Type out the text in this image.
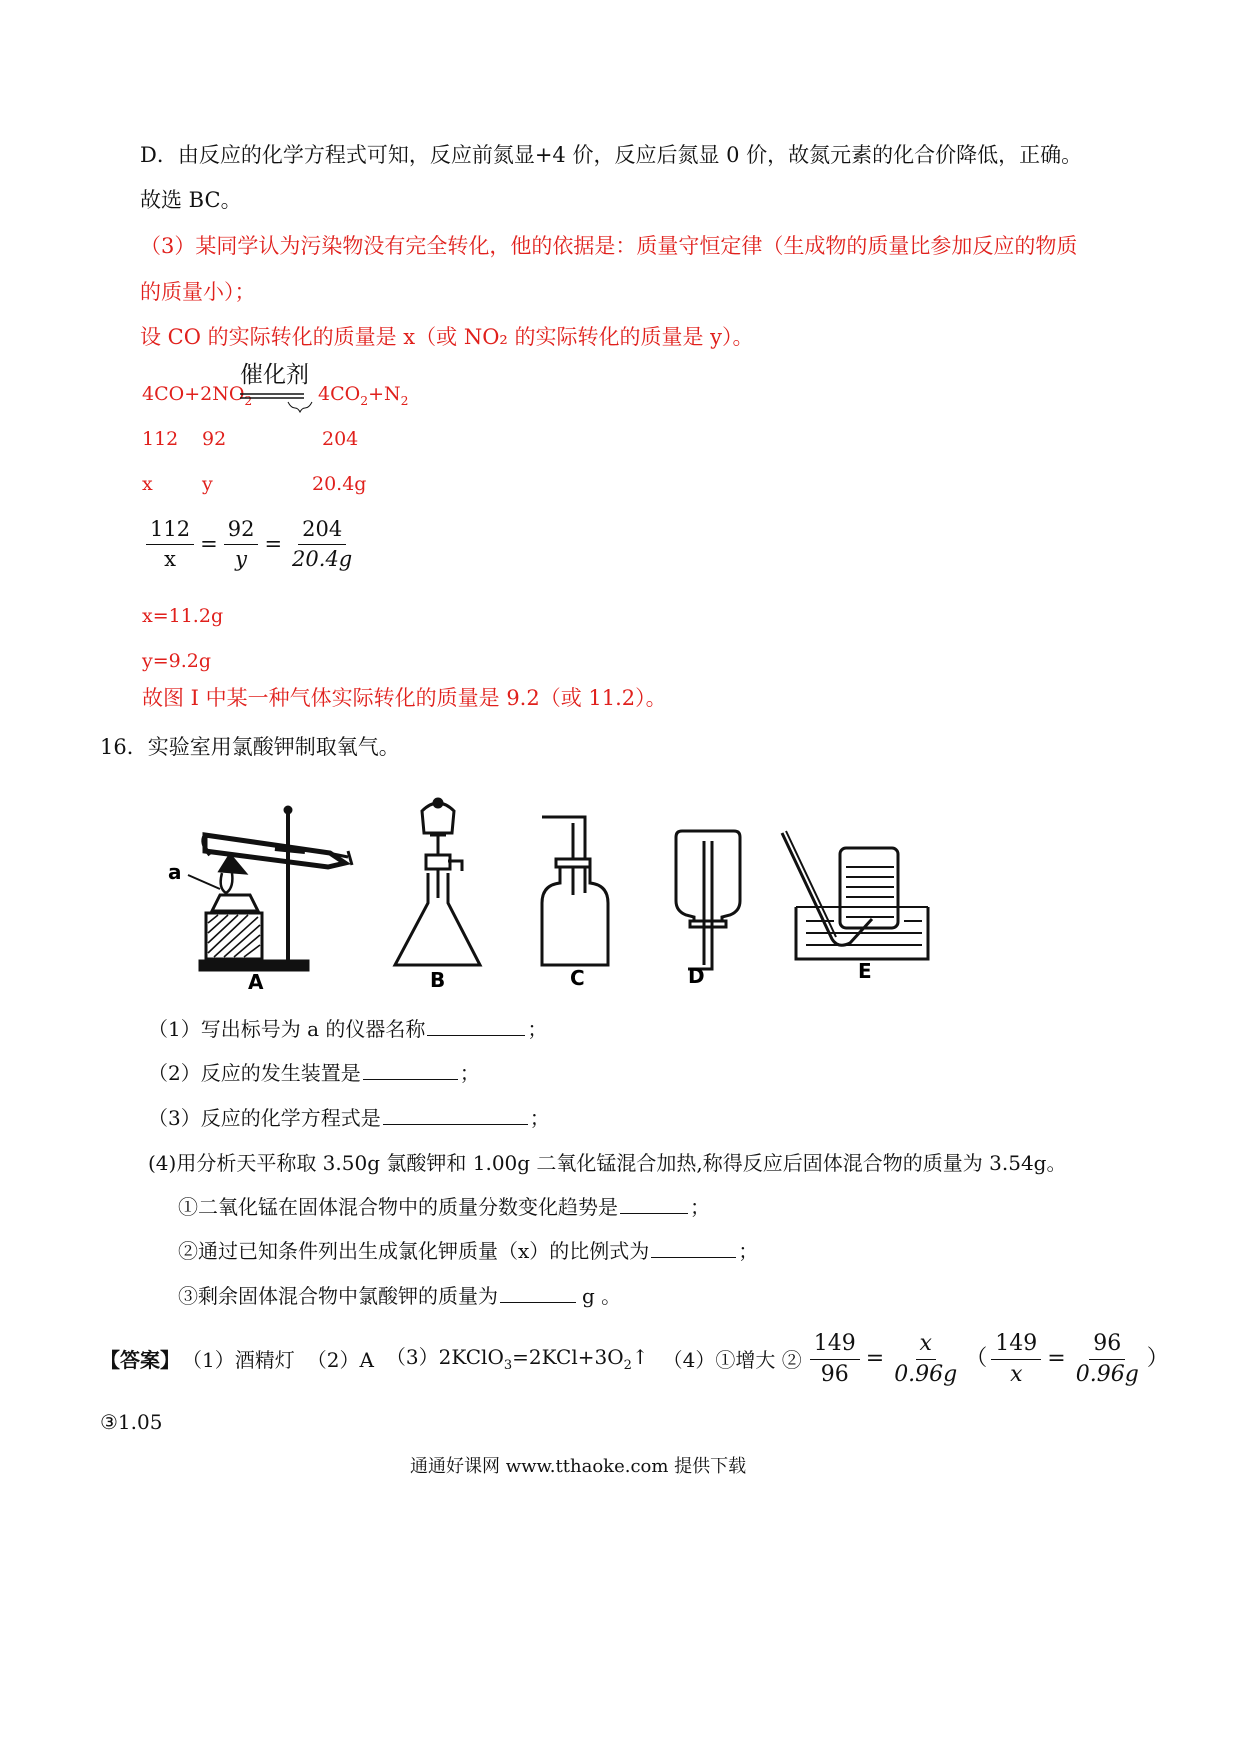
D．由反应的化学方程式可知，反应前氮显+4 价，反应后氮显 0 价，故氮元素的化合价降低，正确。
故选 BC。
（3）某同学认为污染物没有完全转化，他的依据是：质量守恒定律（生成物的质量比参加反应的物质
的质量小）；
设 CO 的实际转化的质量是 x（或 NO₂ 的实际转化的质量是 y）。
$4CO+2NO_2$
催化剂
$4CO_2+N_2$
112 92	204
x	y	20.4g
$\frac{112}{x} = \frac{92}{y} = \frac{204}{20.4g}$
x=11.2g
y=9.2g
故图 I 中某一种气体实际转化的质量是 9.2（或 11.2）。
16．实验室用氯酸钾制取氧气。
a
A	B	C	D	E
（1）写出标号为 a 的仪器名称	；
（2）反应的发生装置是	；
（3）反应的化学方程式是	；
(4)用分析天平称取 3.50g 氯酸钾和 1.00g 二氧化锰混合加热,称得反应后固体混合物的质量为 3.54g。
①二氧化锰在固体混合物中的质量分数变化趋势是	；
②通过已知条件列出生成氯化钾质量（x）的比例式为	；
③剩余固体混合物中氯酸钾的质量为	g 。
【答案】 （1）酒精灯 （2）A $(3)2KClO_3=2KCl+3O_2↑$ （4）①增大 ② $\frac{149}{96} = \frac{x}{0.96g}$ （ $\frac{149}{x} = \frac{96}{0.96g}$ ）
③1.05
通通好课网 www.tthaoke.com 提供下载
